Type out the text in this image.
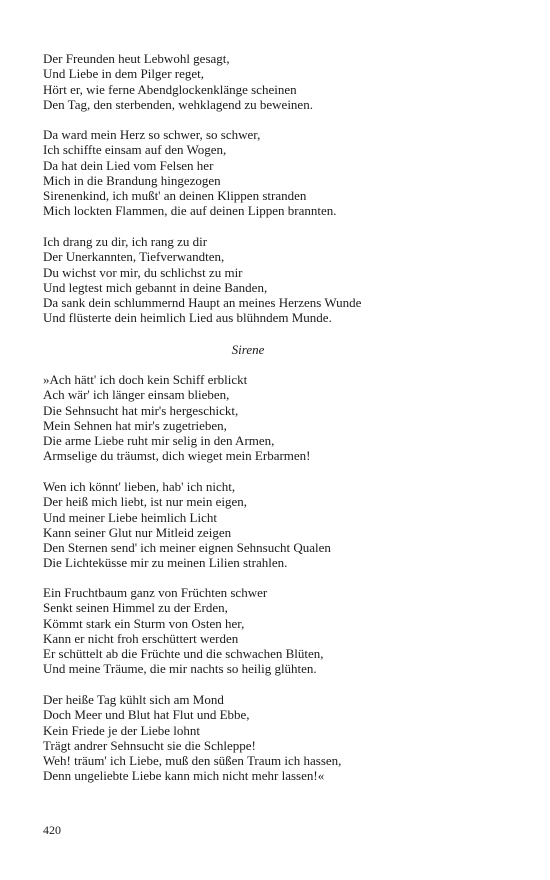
Der Freunden heut Lebwohl gesagt,
Und Liebe in dem Pilger reget,
Hört er, wie ferne Abendglockenklänge scheinen
Den Tag, den sterbenden, wehklagend zu beweinen.
Da ward mein Herz so schwer, so schwer,
Ich schiffte einsam auf den Wogen,
Da hat dein Lied vom Felsen her
Mich in die Brandung hingezogen
Sirenenkind, ich mußt' an deinen Klippen stranden
Mich lockten Flammen, die auf deinen Lippen brannten.
Ich drang zu dir, ich rang zu dir
Der Unerkannten, Tiefverwandten,
Du wichst vor mir, du schlichst zu mir
Und legtest mich gebannt in deine Banden,
Da sank dein schlummernd Haupt an meines Herzens Wunde
Und flüsterte dein heimlich Lied aus blühndem Munde.
Sirene
»Ach hätt' ich doch kein Schiff erblickt
Ach wär' ich länger einsam blieben,
Die Sehnsucht hat mir's hergeschickt,
Mein Sehnen hat mir's zugetrieben,
Die arme Liebe ruht mir selig in den Armen,
Armselige du träumst, dich wieget mein Erbarmen!
Wen ich könnt' lieben, hab' ich nicht,
Der heiß mich liebt, ist nur mein eigen,
Und meiner Liebe heimlich Licht
Kann seiner Glut nur Mitleid zeigen
Den Sternen send' ich meiner eignen Sehnsucht Qualen
Die Lichteküsse mir zu meinen Lilien strahlen.
Ein Fruchtbaum ganz von Früchten schwer
Senkt seinen Himmel zu der Erden,
Kömmt stark ein Sturm von Osten her,
Kann er nicht froh erschüttert werden
Er schüttelt ab die Früchte und die schwachen Blüten,
Und meine Träume, die mir nachts so heilig glühten.
Der heiße Tag kühlt sich am Mond
Doch Meer und Blut hat Flut und Ebbe,
Kein Friede je der Liebe lohnt
Trägt andrer Sehnsucht sie die Schleppe!
Weh! träum' ich Liebe, muß den süßen Traum ich hassen,
Denn ungeliebte Liebe kann mich nicht mehr lassen!«
420
